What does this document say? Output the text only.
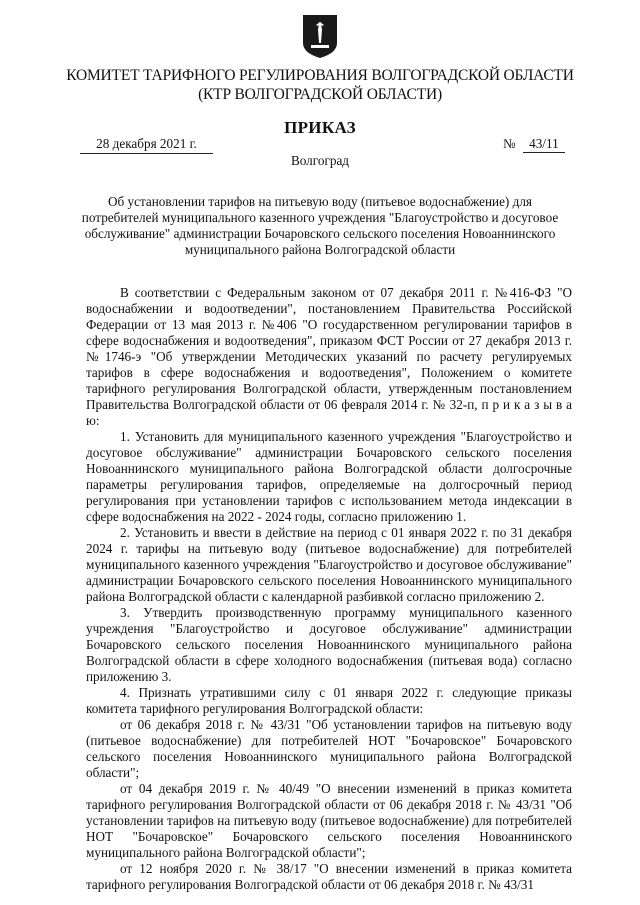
КОМИТЕТ ТАРИФНОГО РЕГУЛИРОВАНИЯ ВОЛГОГРАДСКОЙ ОБЛАСТИ
(КТР ВОЛГОГРАДСКОЙ ОБЛАСТИ)
ПРИКАЗ
28 декабря 2021 г.	№ 43/11
Волгоград
Об установлении тарифов на питьевую воду (питьевое водоснабжение) для потребителей муниципального казенного учреждения "Благоустройство и досуговое обслуживание" администрации Бочаровского сельского поселения Новоаннинского муниципального района Волгоградской области

В соответствии с Федеральным законом от 07 декабря 2011 г. №416-ФЗ "О водоснабжении и водоотведении", постановлением Правительства Российской Федерации от 13 мая 2013 г. №406 "О государственном регулировании тарифов в сфере водоснабжения и водоотведения", приказом ФСТ России от 27 декабря 2013 г. №1746-э "Об утверждении Методических указаний по расчету регулируемых тарифов в сфере водоснабжения и водоотведения", Положением о комитете тарифного регулирования Волгоградской области, утвержденным постановлением Правительства Волгоградской области от 06 февраля 2014 г. № 32-п, п р и к а з ы в а ю:

1. Установить для муниципального казенного учреждения "Благоустройство и досуговое обслуживание" администрации Бочаровского сельского поселения Новоаннинского муниципального района Волгоградской области долгосрочные параметры регулирования тарифов, определяемые на долгосрочный период регулирования при установлении тарифов с использованием метода индексации в сфере водоснабжения на 2022 - 2024 годы, согласно приложению 1.

2. Установить и ввести в действие на период с 01 января 2022 г. по 31 декабря 2024 г. тарифы на питьевую воду (питьевое водоснабжение) для потребителей муниципального казенного учреждения "Благоустройство и досуговое обслуживание" администрации Бочаровского сельского поселения Новоаннинского муниципального района Волгоградской области с календарной разбивкой согласно приложению 2.

3. Утвердить производственную программу муниципального казенного учреждения "Благоустройство и досуговое обслуживание" администрации Бочаровского сельского поселения Новоаннинского муниципального района Волгоградской области в сфере холодного водоснабжения (питьевая вода) согласно приложению 3.

4. Признать утратившими силу с 01 января 2022 г. следующие приказы комитета тарифного регулирования Волгоградской области:

от 06 декабря 2018 г. № 43/31 "Об установлении тарифов на питьевую воду (питьевое водоснабжение) для потребителей НОТ "Бочаровское" Бочаровского сельского поселения Новоаннинского муниципального района Волгоградской области";

от 04 декабря 2019 г. № 40/49 "О внесении изменений в приказ комитета тарифного регулирования Волгоградской области от 06 декабря 2018 г. № 43/31 "Об установлении тарифов на питьевую воду (питьевое водоснабжение) для потребителей НОТ "Бочаровское" Бочаровского сельского поселения Новоаннинского муниципального района Волгоградской области";

от 12 ноября 2020 г. № 38/17 "О внесении изменений в приказ комитета тарифного регулирования Волгоградской области от 06 декабря 2018 г. № 43/31
